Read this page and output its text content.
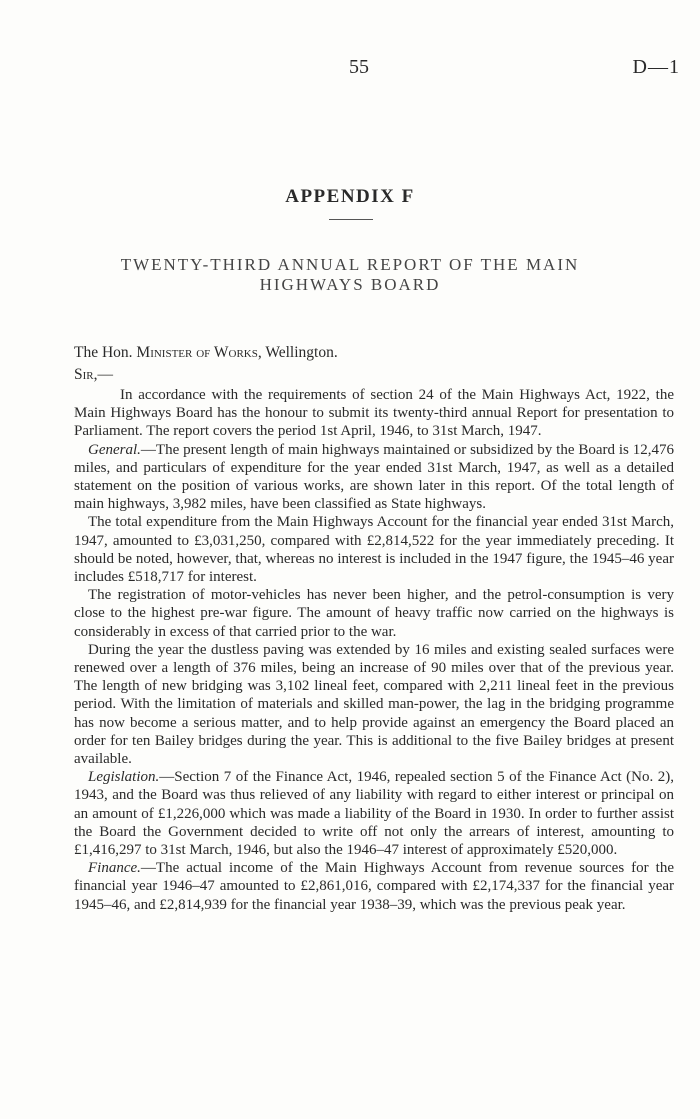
55	D—1
APPENDIX F
TWENTY-THIRD ANNUAL REPORT OF THE MAIN
HIGHWAYS BOARD
The Hon. Minister of Works, Wellington.
Sir,—

In accordance with the requirements of section 24 of the Main Highways Act, 1922, the Main Highways Board has the honour to submit its twenty-third annual Report for presentation to Parliament. The report covers the period 1st April, 1946, to 31st March, 1947.

General.—The present length of main highways maintained or subsidized by the Board is 12,476 miles, and particulars of expenditure for the year ended 31st March, 1947, as well as a detailed statement on the position of various works, are shown later in this report. Of the total length of main highways, 3,982 miles, have been classified as State highways.

The total expenditure from the Main Highways Account for the financial year ended 31st March, 1947, amounted to £3,031,250, compared with £2,814,522 for the year immediately preceding. It should be noted, however, that, whereas no interest is included in the 1947 figure, the 1945–46 year includes £518,717 for interest.

The registration of motor-vehicles has never been higher, and the petrol-consumption is very close to the highest pre-war figure. The amount of heavy traffic now carried on the highways is considerably in excess of that carried prior to the war.

During the year the dustless paving was extended by 16 miles and existing sealed surfaces were renewed over a length of 376 miles, being an increase of 90 miles over that of the previous year. The length of new bridging was 3,102 lineal feet, compared with 2,211 lineal feet in the previous period. With the limitation of materials and skilled man-power, the lag in the bridging programme has now become a serious matter, and to help provide against an emergency the Board placed an order for ten Bailey bridges during the year. This is additional to the five Bailey bridges at present available.

Legislation.—Section 7 of the Finance Act, 1946, repealed section 5 of the Finance Act (No. 2), 1943, and the Board was thus relieved of any liability with regard to either interest or principal on an amount of £1,226,000 which was made a liability of the Board in 1930. In order to further assist the Board the Government decided to write off not only the arrears of interest, amounting to £1,416,297 to 31st March, 1946, but also the 1946–47 interest of approximately £520,000.

Finance.—The actual income of the Main Highways Account from revenue sources for the financial year 1946–47 amounted to £2,861,016, compared with £2,174,337 for the financial year 1945–46, and £2,814,939 for the financial year 1938–39, which was the previous peak year.
